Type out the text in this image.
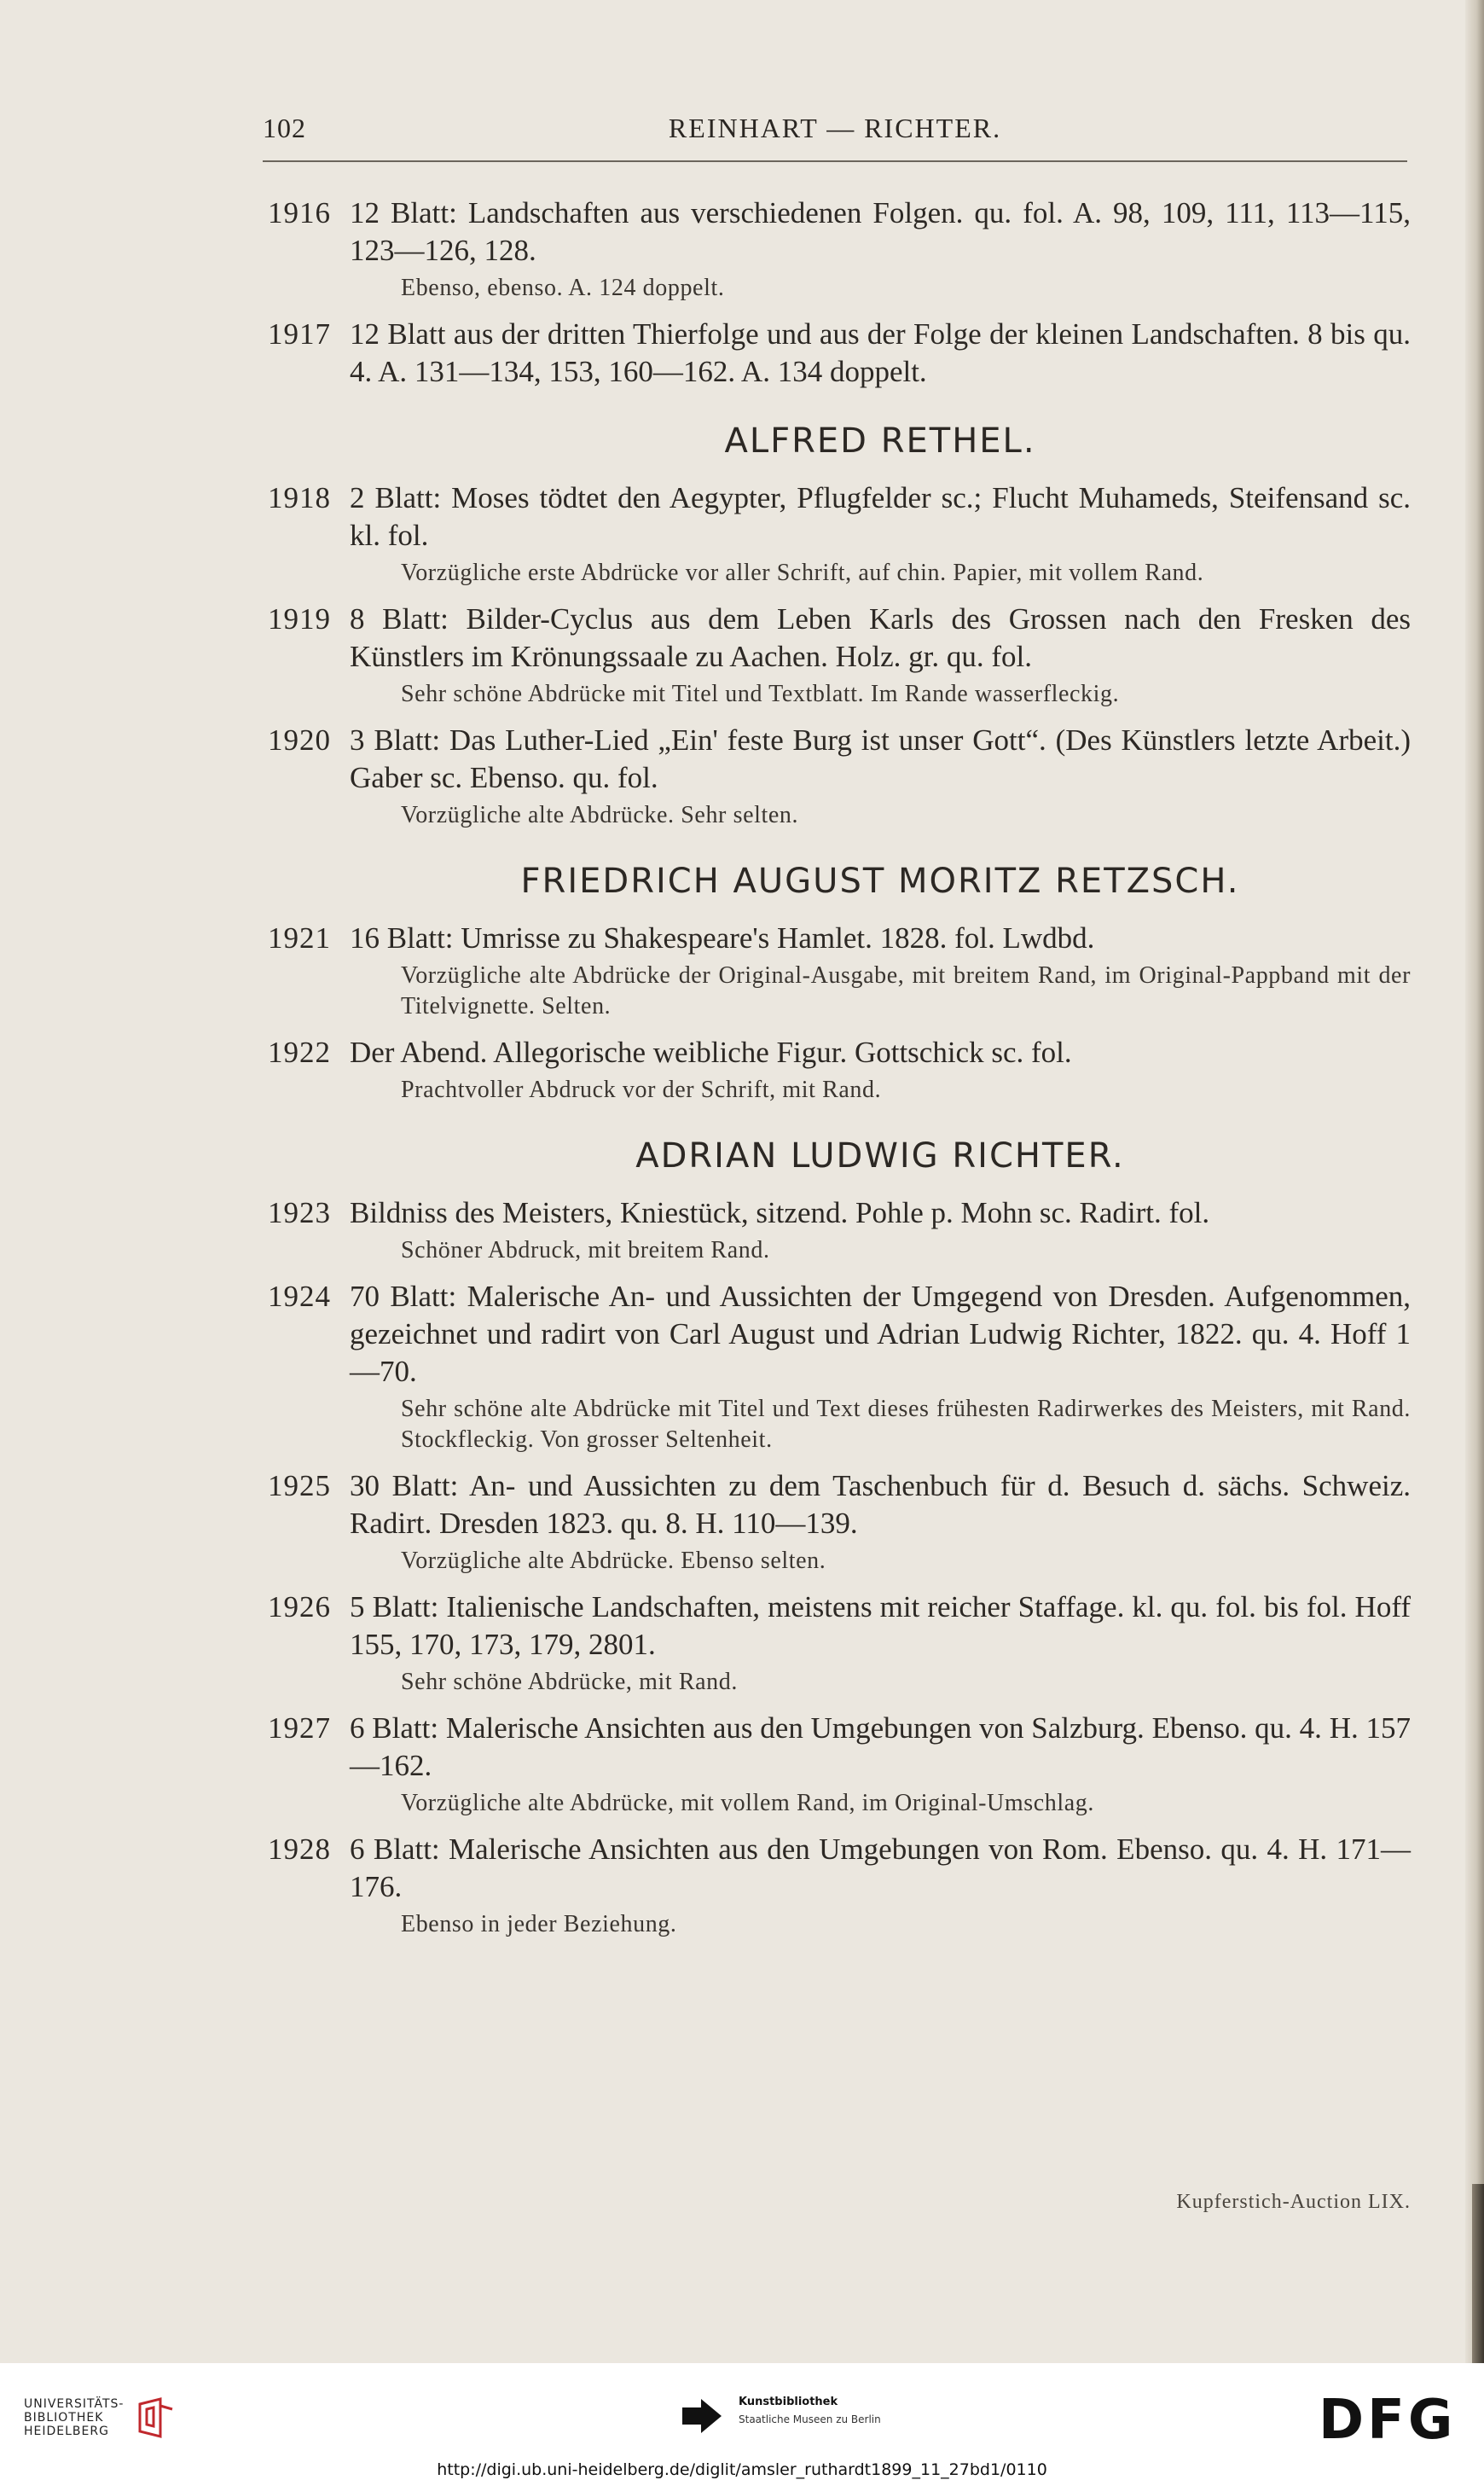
102	REINHART — RICHTER.
1916 12 Blatt: Landschaften aus verschiedenen Folgen. qu. fol. A. 98, 109, 111, 113—115, 123—126, 128.
Ebenso, ebenso. A. 124 doppelt.
1917 12 Blatt aus der dritten Thierfolge und aus der Folge der kleinen Landschaften. 8 bis qu. 4. A. 131—134, 153, 160—162. A. 134 doppelt.
ALFRED RETHEL.
1918 2 Blatt: Moses tödtet den Aegypter, Pflugfelder sc.; Flucht Muhameds, Steifensand sc. kl. fol.
Vorzügliche erste Abdrücke vor aller Schrift, auf chin. Papier, mit vollem Rand.
1919 8 Blatt: Bilder-Cyclus aus dem Leben Karls des Grossen nach den Fresken des Künstlers im Krönungssaale zu Aachen. Holz. gr. qu. fol.
Sehr schöne Abdrücke mit Titel und Textblatt. Im Rande wasserfleckig.
1920 3 Blatt: Das Luther-Lied „Ein' feste Burg ist unser Gott“. (Des Künstlers letzte Arbeit.) Gaber sc. Ebenso. qu. fol.
Vorzügliche alte Abdrücke. Sehr selten.
FRIEDRICH AUGUST MORITZ RETZSCH.
1921 16 Blatt: Umrisse zu Shakespeare's Hamlet. 1828. fol. Lwdbd.
Vorzügliche alte Abdrücke der Original-Ausgabe, mit breitem Rand, im Original-Pappband mit der Titelvignette. Selten.
1922 Der Abend. Allegorische weibliche Figur. Gottschick sc. fol.
Prachtvoller Abdruck vor der Schrift, mit Rand.
ADRIAN LUDWIG RICHTER.
1923 Bildniss des Meisters, Kniestück, sitzend. Pohle p. Mohn sc. Radirt. fol.
Schöner Abdruck, mit breitem Rand.
1924 70 Blatt: Malerische An- und Aussichten der Umgegend von Dresden. Aufgenommen, gezeichnet und radirt von Carl August und Adrian Ludwig Richter, 1822. qu. 4. Hoff 1—70.
Sehr schöne alte Abdrücke mit Titel und Text dieses frühesten Radirwerkes des Meisters, mit Rand. Stockfleckig. Von grosser Seltenheit.
1925 30 Blatt: An- und Aussichten zu dem Taschenbuch für d. Besuch d. sächs. Schweiz. Radirt. Dresden 1823. qu. 8. H. 110—139.
Vorzügliche alte Abdrücke. Ebenso selten.
1926 5 Blatt: Italienische Landschaften, meistens mit reicher Staffage. kl. qu. fol. bis fol. Hoff 155, 170, 173, 179, 2801.
Sehr schöne Abdrücke, mit Rand.
1927 6 Blatt: Malerische Ansichten aus den Umgebungen von Salzburg. Ebenso. qu. 4. H. 157—162.
Vorzügliche alte Abdrücke, mit vollem Rand, im Original-Umschlag.
1928 6 Blatt: Malerische Ansichten aus den Umgebungen von Rom. Ebenso. qu. 4. H. 171—176.
Ebenso in jeder Beziehung.
Kupferstich-Auction LIX.
UNIVERSITÄTS-
BIBLIOTHEK
HEIDELBERG
Kunstbibliothek
Staatliche Museen zu Berlin	DFG
http://digi.ub.uni-heidelberg.de/diglit/amsler_ruthardt1899_11_27bd1/0110
